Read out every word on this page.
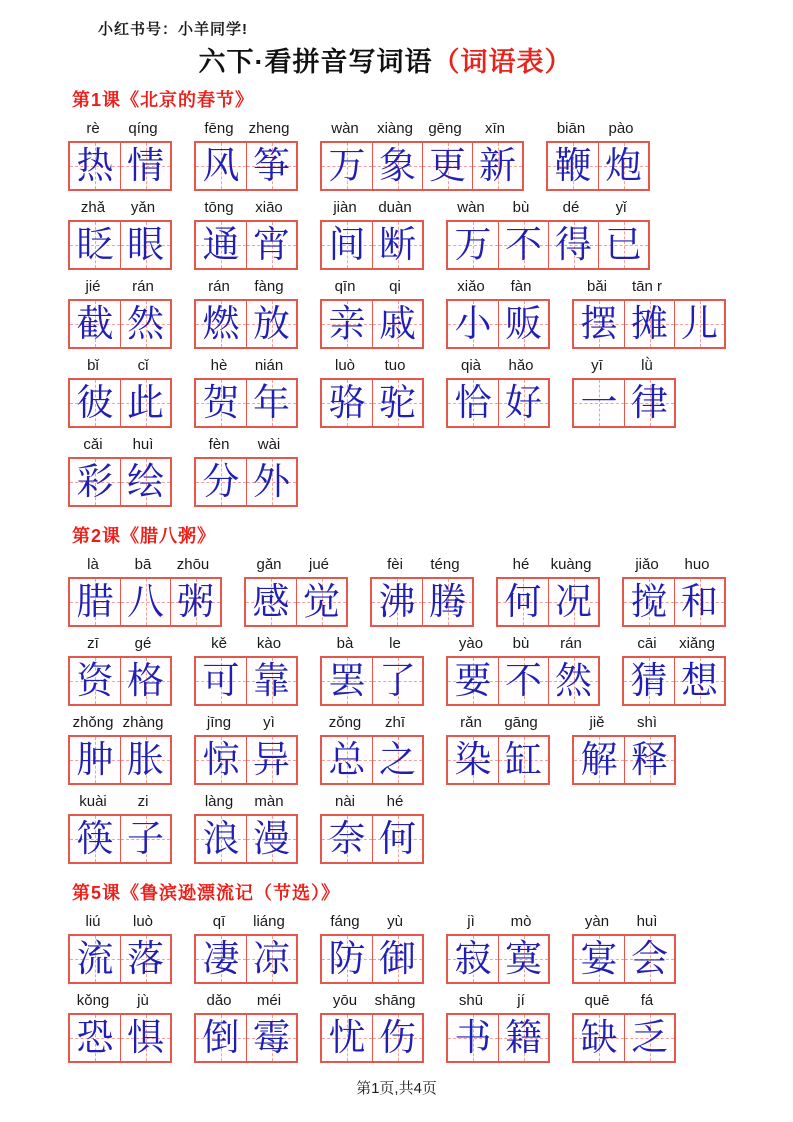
小红书号：小羊同学!
六下·看拼音写词语（词语表）
第1课《北京的春节》
rè	qíng
热 情
fēng zheng
风 筝
wàn	xiàng	gēng	xīn
万 象 更 新
biān	pào
鞭 炮
zhǎ	yǎn
眨 眼
tōng	xiāo
通 宵
jiàn	duàn
间 断
wàn	bù	dé	yǐ
万 不 得 已
jié	rán
截 然
rán	fàng
燃 放
qīn	qi
亲 戚
xiǎo	fàn
小 贩
bǎi	tān r
摆 摊 儿
bǐ	cǐ
彼 此
hè	nián
贺 年
luò	tuo
骆 驼
qià	hǎo
恰 好
yī	lǜ
一 律
cǎi	huì
彩 绘
fèn	wài
分 外
第2课《腊八粥》
là	bā	zhōu
腊 八 粥
gǎn	jué
感 觉
fèi	téng
沸 腾
hé	kuàng
何 况
jiǎo	huo
搅 和
zī	gé
资 格
kě	kào
可 靠
bà	le
罢 了
yào	bù	rán
要 不 然
cāi	xiǎng
猜 想
zhǒng zhàng
肿 胀
jīng	yì
惊 异
zǒng	zhī
总 之
rǎn	gāng
染 缸
jiě	shì
解 释
kuài	zi
筷 子
làng	màn
浪 漫
nài	hé
奈 何
第5课《鲁滨逊漂流记（节选）》
liú	luò
流 落
qī	liáng
凄 凉
fáng	yù
防 御
jì	mò
寂 寞
yàn	huì
宴 会
kǒng	jù
恐 惧
dǎo	méi
倒 霉
yōu	shāng
忧 伤
shū	jí
书 籍
quē	fá
缺 乏
第1页,共4页
